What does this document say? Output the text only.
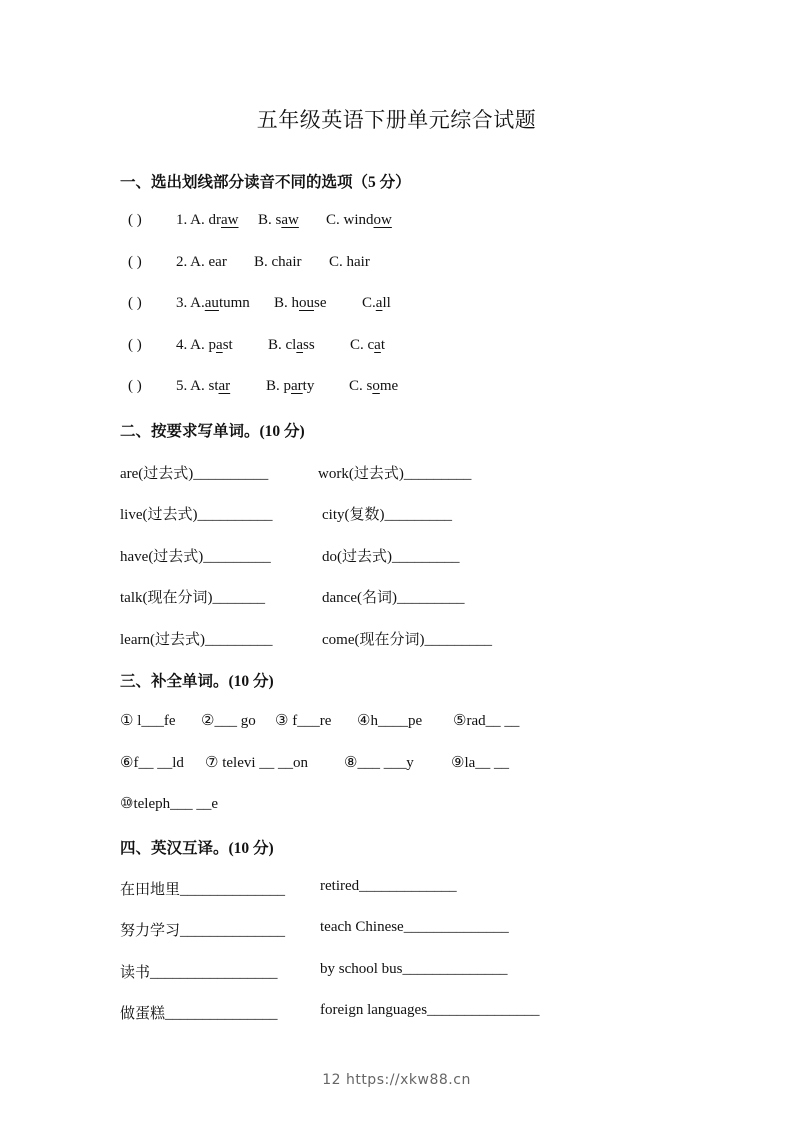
五年级英语下册单元综合试题
一、选出划线部分读音不同的选项（5 分）
( ) 1. A. draw B. saw C. window
( ) 2. A. ear B. chair C. hair
( ) 3. A.autumn B. house C.all
( ) 4. A. past B. class C. cat
( ) 5. A. star B. party C. some
二、按要求写单词。(10 分)
are(过去式)__________	work(过去式)_________
live(过去式)__________	city(复数)_________
have(过去式)_________	do(过去式)_________
talk(现在分词)_______	dance(名词)_________
learn(过去式)_________	come(现在分词)_________
三、补全单词。(10 分)
① l___fe ②___ go ③ f___re ④h____pe ⑤rad__ __
⑥f__ __ld ⑦ televi __ __on ⑧___ ___y ⑨la__ __
⑩teleph___ __e
四、英汉互译。(10 分)
在田地里______________ retired_____________
努力学习______________ teach Chinese______________
读书_________________	by school bus______________
做蛋糕_______________	foreign languages_______________
12 https://xkw88.cn
